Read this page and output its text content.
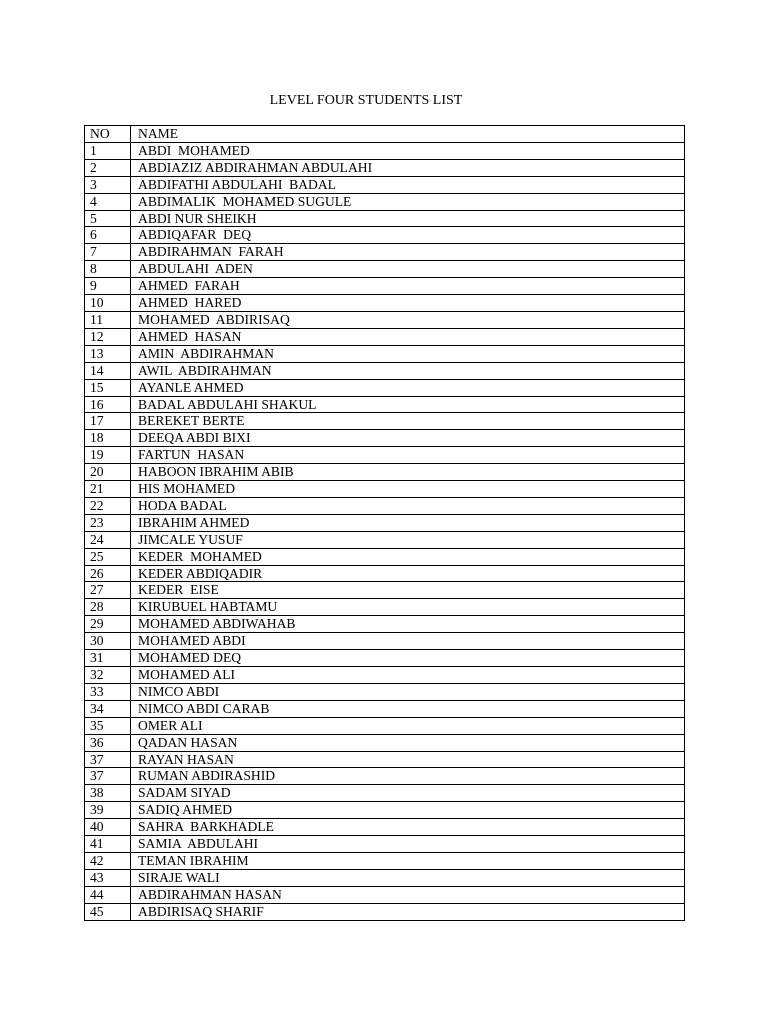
LEVEL FOUR STUDENTS LIST
NO	NAME
1	ABDI  MOHAMED
2	ABDIAZIZ ABDIRAHMAN ABDULAHI
3	ABDIFATHI ABDULAHI  BADAL
4	ABDIMALIK  MOHAMED SUGULE
5	ABDI NUR SHEIKH
6	ABDIQAFAR  DEQ
7	ABDIRAHMAN  FARAH
8	ABDULAHI  ADEN
9	AHMED  FARAH
10	AHMED  HARED
11	MOHAMED  ABDIRISAQ
12	AHMED  HASAN
13	AMIN  ABDIRAHMAN
14	AWIL  ABDIRAHMAN
15	AYANLE AHMED
16	BADAL ABDULAHI SHAKUL
17	BEREKET BERTE
18	DEEQA ABDI BIXI
19	FARTUN  HASAN
20	HABOON IBRAHIM ABIB
21	HIS MOHAMED
22	HODA BADAL
23	IBRAHIM AHMED
24	JIMCALE YUSUF
25	KEDER  MOHAMED
26	KEDER ABDIQADIR
27	KEDER  EISE
28	KIRUBUEL HABTAMU
29	MOHAMED ABDIWAHAB
30	MOHAMED ABDI
31	MOHAMED DEQ
32	MOHAMED ALI
33	NIMCO ABDI
34	NIMCO ABDI CARAB
35	OMER ALI
36	QADAN HASAN
37	RAYAN HASAN
37	RUMAN ABDIRASHID
38	SADAM SIYAD
39	SADIQ AHMED
40	SAHRA  BARKHADLE
41	SAMIA  ABDULAHI
42	TEMAN IBRAHIM
43	SIRAJE WALI
44	ABDIRAHMAN HASAN
45	ABDIRISAQ SHARIF
